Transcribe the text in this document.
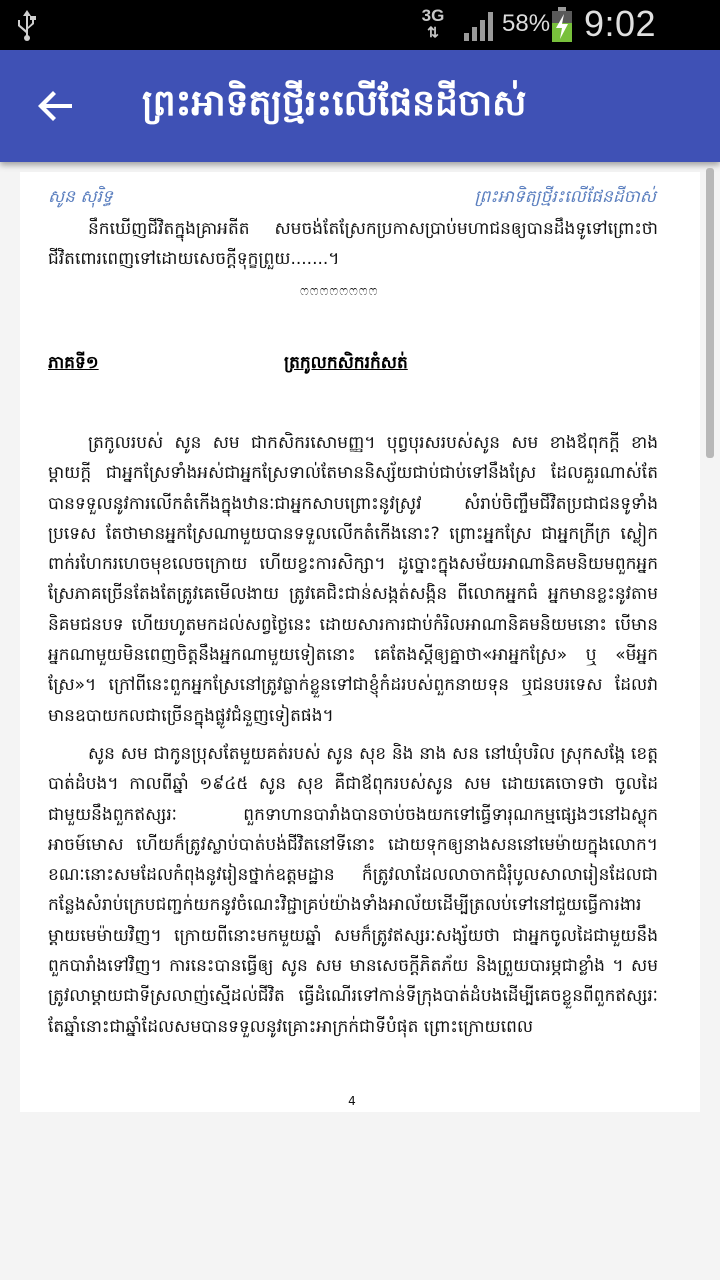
3G
⇅	58% 9:02
ព្រះអាទិត្យថ្មីរះលើផែនដីចាស់
សូន សុរិទ្ធ	ព្រះអាទិត្យថ្មីរះលើផែនដីចាស់
នឹកឃើញជីវិតក្នុងគ្រាអតីត សមចង់តែស្រែកប្រកាសប្រាប់មហាជនឲ្យបានដឹងទូទៅព្រោះថាជីវិតពោរពេញទៅដោយសេចក្តីទុក្ខព្រួយ.......។
ෆෆෆෆෆෆෆෆ
ភាគទី១	ត្រកូលកសិករកំសត់

ត្រកូលរបស់ សូន សម ជាកសិករសោមញ្ញ។ បុព្វបុរសរបស់សូន សម ខាងឪពុកក្តី ខាងម្តាយក្តី ជាអ្នកស្រែទាំងអស់ជាអ្នកស្រែទាល់តែមាននិស្ស័យជាប់ជាប់ទៅនឹងស្រែ ដែលគួរណាស់តែបានទទួលនូវការលើកតំកើងក្នុងឋានៈជាអ្នកសាបព្រោះនូវស្រូវ សំរាប់ចិញ្ចឹមជីវិតប្រជាជនទូទាំងប្រទេស តែថាមានអ្នកស្រែណាមួយបានទទួលលើកតំកើងនោះ? ព្រោះអ្នកស្រែ ជាអ្នកក្រីក្រ ស្លៀកពាក់រហែករហេចមុខលេចក្រោយ ហើយខ្វះការសិក្សា។ ដូច្នោះក្នុងសម័យអាណានិគមនិយមពួកអ្នកស្រែភាគច្រើនតែងតែត្រូវគេមើលងាយ ត្រូវគេជិះជាន់សង្កត់សង្កិន ពីលោកអ្នកធំ អ្នកមានខ្លះនូវតាមនិគមជនបទ ហើយហូតមកដល់សព្វថ្ងៃនេះ ដោយសារការជាប់កំរិលអាណានិគមនិយមនោះ បើមានអ្នកណាមួយមិនពេញចិត្តនឹងអ្នកណាមួយទៀតនោះ គេតែងស្តីឲ្យគ្នាថា«អាអ្នកស្រែ» ឬ «មីអ្នកស្រែ»។ ក្រៅពីនេះពួកអ្នកស្រែនៅត្រូវធ្លាក់ខ្លួនទៅជាខ្ញុំកំដរបស់ពួកនាយទុន ឬជនបរទេស ដែលវាមានឧបាយកលជាច្រើនក្នុងផ្លូវជំនួញទៀតផង។

សូន សម ជាកូនប្រុសតែមួយគត់របស់ សូន សុខ និង នាង សន នៅឃុំបរិល ស្រុកសង្កែ ខេត្តបាត់ដំបង។ កាលពីឆ្នាំ ១៩៤៥ សូន សុខ គឺជាឪពុករបស់សូន សម ដោយគេចោទថា ចូលដៃជាមួយនឹងពួកឥស្សរៈ ពួកទាហានបារាំងបានចាប់ចងយកទៅធ្វើទារុណកម្មផ្សេងៗនៅឯស្លុកអាចម៍មោស ហើយក៏ត្រូវស្លាប់បាត់បង់ជីវិតនៅទីនោះ ដោយទុកឲ្យនាងសននៅមេម៉ាយក្នុងលោក។ ខណៈនោះសមដែលកំពុងនូវរៀនថ្នាក់ឧត្តមដ្ឋាន ក៏ត្រូវលាដែលលាចាកជំរុំបូលសាលារៀនដែលជាកន្លែងសំរាប់ក្រេបជញ្ជក់យកនូវចំណេះវិជ្ជាគ្រប់យ៉ាងទាំងអាល័យដើម្បីត្រលប់ទៅនៅជួយធ្វើការងារម្តាយមេម៉ាយវិញ។ ក្រោយពីនោះមកមួយឆ្នាំ សមក៏ត្រូវឥស្សរៈសង្ស័យថា ជាអ្នកចូលដៃជាមួយនឹងពួកបារាំងទៅវិញ។ ការនេះបានធ្វើឲ្យ សូន សម មានសេចក្តីភិតភ័យ និងព្រួយបារម្ភជាខ្លាំង ។ សមត្រូវលាម្តាយជាទីស្រលាញ់ស្មើដល់ជីវិត ធ្វើដំណើរទៅកាន់ទីក្រុងបាត់ដំបងដើម្បីគេចខ្លួនពីពួកឥស្សរៈ តែឆ្នាំនោះជាឆ្នាំដែលសមបានទទួលនូវគ្រោះអាក្រក់ជាទីបំផុត ព្រោះក្រោយពេល

4
